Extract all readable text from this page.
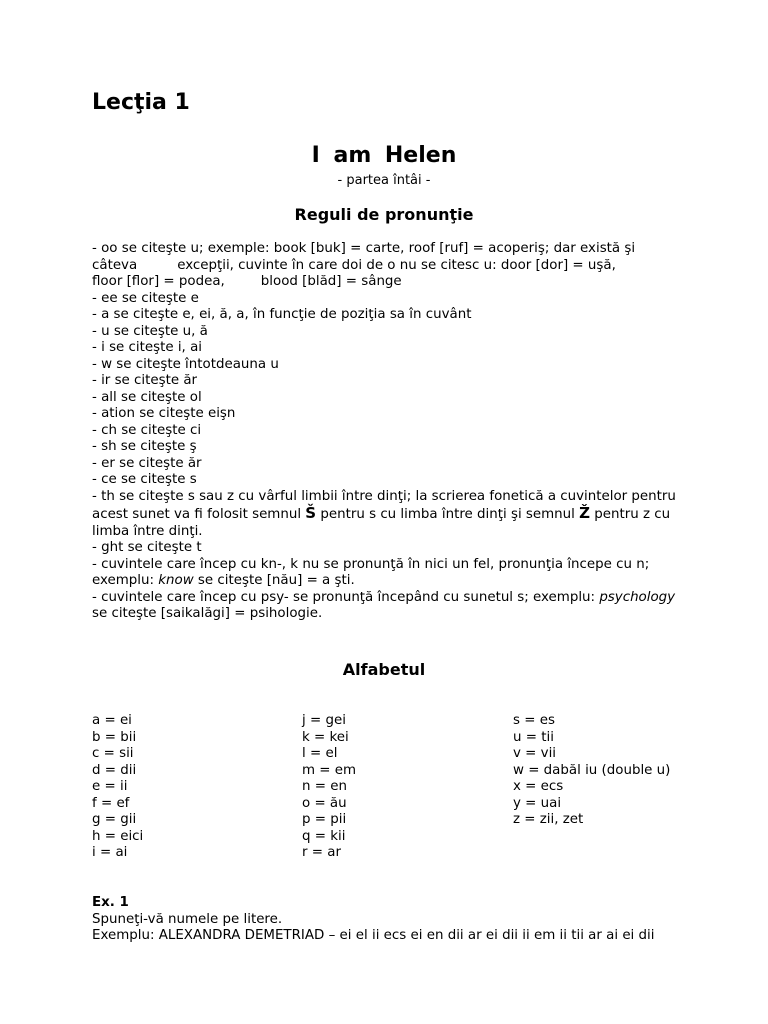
Lecţia 1
I am Helen
- partea întâi -
Reguli de pronunţie
- oo se citeşte u; exemple: book [buk] = carte, roof [ruf] = acoperiş; dar există şi
câteva	excepţii, cuvinte în care doi de o nu se citesc u: door [dor] = uşă,
floor [flor] = podea,	blood [blăd] = sânge
- ee se citeşte e
- a se citeşte e, ei, ă, a, în funcţie de poziţia sa în cuvânt
- u se citeşte u, ă
- i se citeşte i, ai
- w se citeşte întotdeauna u
- ir se citeşte ăr
- all se citeşte ol
- ation se citeşte eişn
- ch se citeşte ci
- sh se citeşte ş
- er se citeşte ăr
- ce se citeşte s
- th se citeşte s sau z cu vârful limbii între dinţi; la scrierea fonetică a cuvintelor pentru acest sunet va fi folosit semnul Š pentru s cu limba între dinţi şi semnul Ž pentru z cu limba între dinţi.
- ght se citeşte t
- cuvintele care încep cu kn-, k nu se pronunţă în nici un fel, pronunţia începe cu n; exemplu: know se citeşte [nău] = a şti.
- cuvintele care încep cu psy- se pronunţă începând cu sunetul s; exemplu: psychology se citeşte [saikalăgi] = psihologie.
Alfabetul
a = ei
b = bii
c = sii
d = dii
e = ii
f = ef
g = gii
h = eici
i = ai
j = gei
k = kei
l = el
m = em
n = en
o = ău
p = pii
q = kii
r = ar
s = es
u = tii
v = vii
w = dabăl iu (double u)
x = ecs
y = uai
z = zii, zet
Ex. 1
Spuneţi-vă numele pe litere.
Exemplu: ALEXANDRA DEMETRIAD – ei el ii ecs ei en dii ar ei dii ii em ii tii ar ai ei dii
